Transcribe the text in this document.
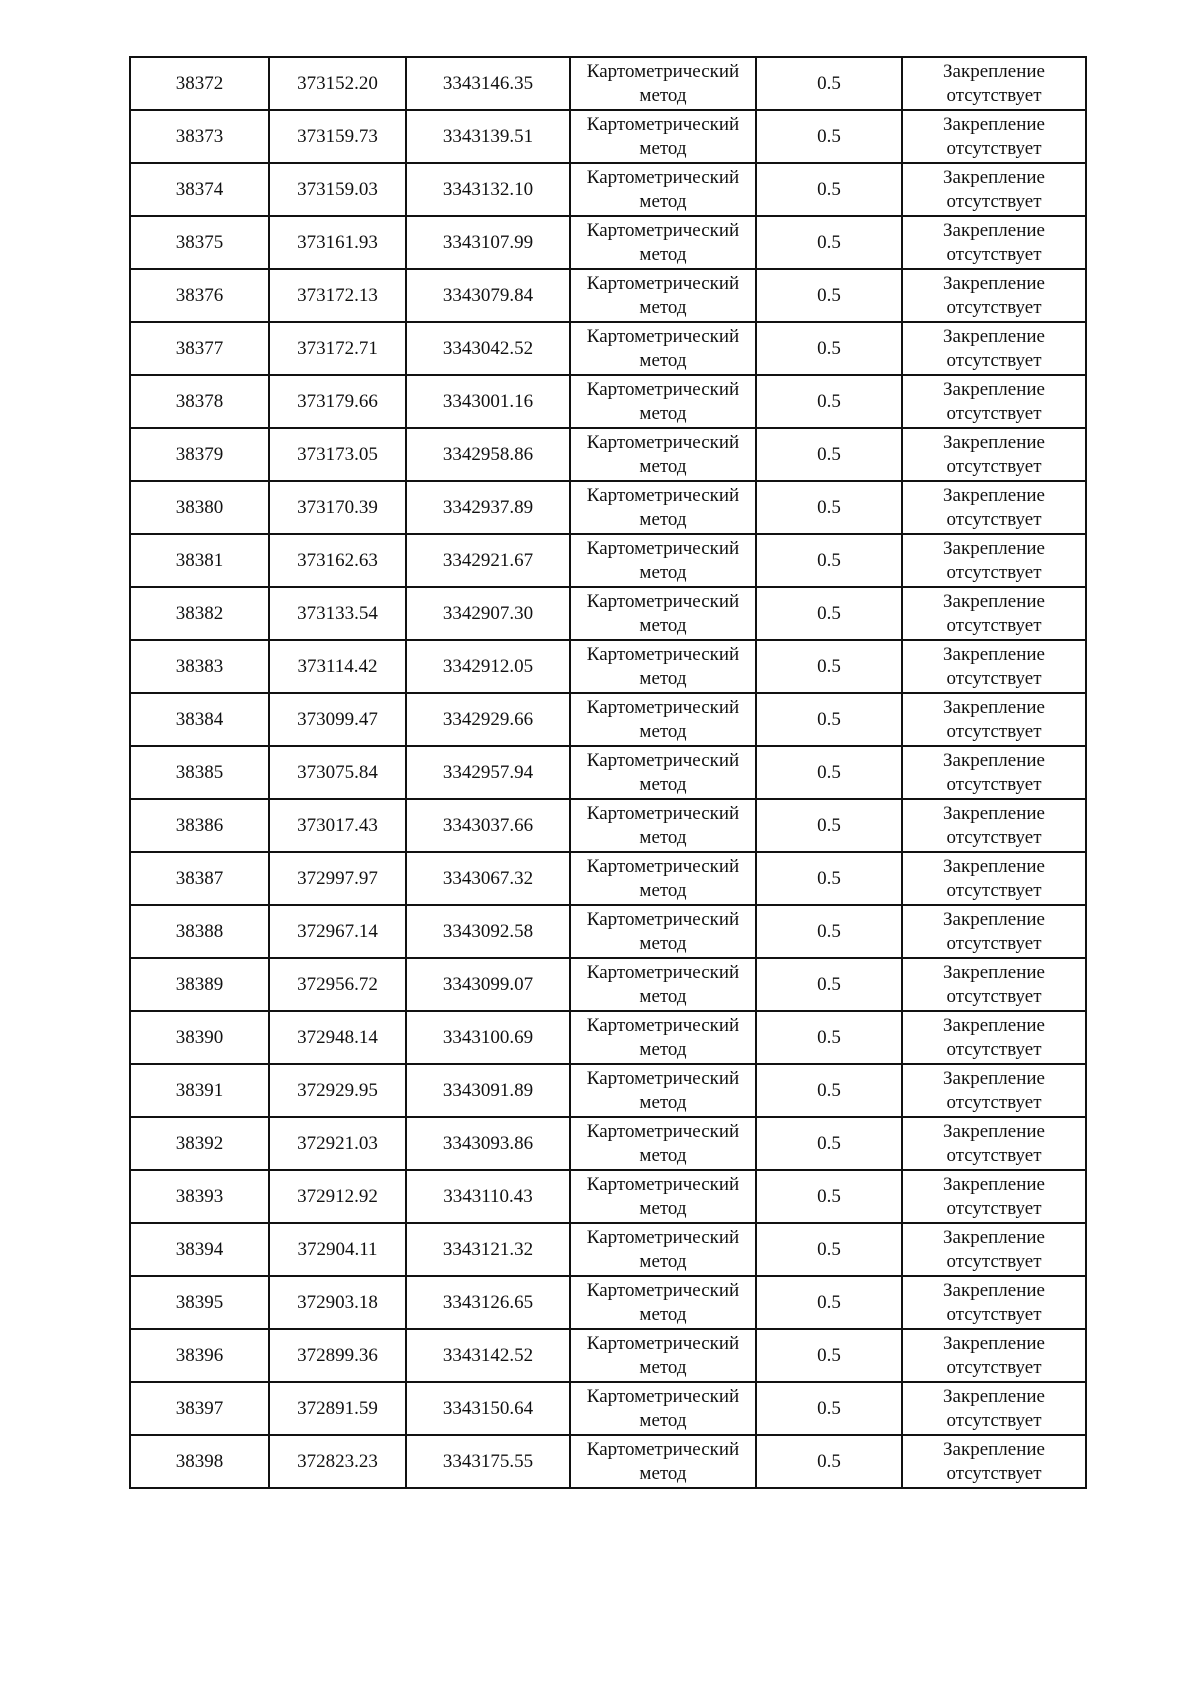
38372	373152.20	3343146.35	Картометрический
метод	0.5	Закрепление
отсутствует

38373	373159.73	3343139.51	Картометрический
метод	0.5	Закрепление
отсутствует

38374	373159.03	3343132.10	Картометрический
метод	0.5	Закрепление
отсутствует

38375	373161.93	3343107.99	Картометрический
метод	0.5	Закрепление
отсутствует

38376	373172.13	3343079.84	Картометрический
метод	0.5	Закрепление
отсутствует

38377	373172.71	3343042.52	Картометрический
метод	0.5	Закрепление
отсутствует

38378	373179.66	3343001.16	Картометрический
метод	0.5	Закрепление
отсутствует

38379	373173.05	3342958.86	Картометрический
метод	0.5	Закрепление
отсутствует

38380	373170.39	3342937.89	Картометрический
метод	0.5	Закрепление
отсутствует

38381	373162.63	3342921.67	Картометрический
метод	0.5	Закрепление
отсутствует

38382	373133.54	3342907.30	Картометрический
метод	0.5	Закрепление
отсутствует

38383	373114.42	3342912.05	Картометрический
метод	0.5	Закрепление
отсутствует

38384	373099.47	3342929.66	Картометрический
метод	0.5	Закрепление
отсутствует

38385	373075.84	3342957.94	Картометрический
метод	0.5	Закрепление
отсутствует

38386	373017.43	3343037.66	Картометрический
метод	0.5	Закрепление
отсутствует

38387	372997.97	3343067.32	Картометрический
метод	0.5	Закрепление
отсутствует

38388	372967.14	3343092.58	Картометрический
метод	0.5	Закрепление
отсутствует

38389	372956.72	3343099.07	Картометрический
метод	0.5	Закрепление
отсутствует

38390	372948.14	3343100.69	Картометрический
метод	0.5	Закрепление
отсутствует

38391	372929.95	3343091.89	Картометрический
метод	0.5	Закрепление
отсутствует

38392	372921.03	3343093.86	Картометрический
метод	0.5	Закрепление
отсутствует

38393	372912.92	3343110.43	Картометрический
метод	0.5	Закрепление
отсутствует

38394	372904.11	3343121.32	Картометрический
метод	0.5	Закрепление
отсутствует

38395	372903.18	3343126.65	Картометрический
метод	0.5	Закрепление
отсутствует

38396	372899.36	3343142.52	Картометрический
метод	0.5	Закрепление
отсутствует

38397	372891.59	3343150.64	Картометрический
метод	0.5	Закрепление
отсутствует

38398	372823.23	3343175.55	Картометрический
метод	0.5	Закрепление
отсутствует
